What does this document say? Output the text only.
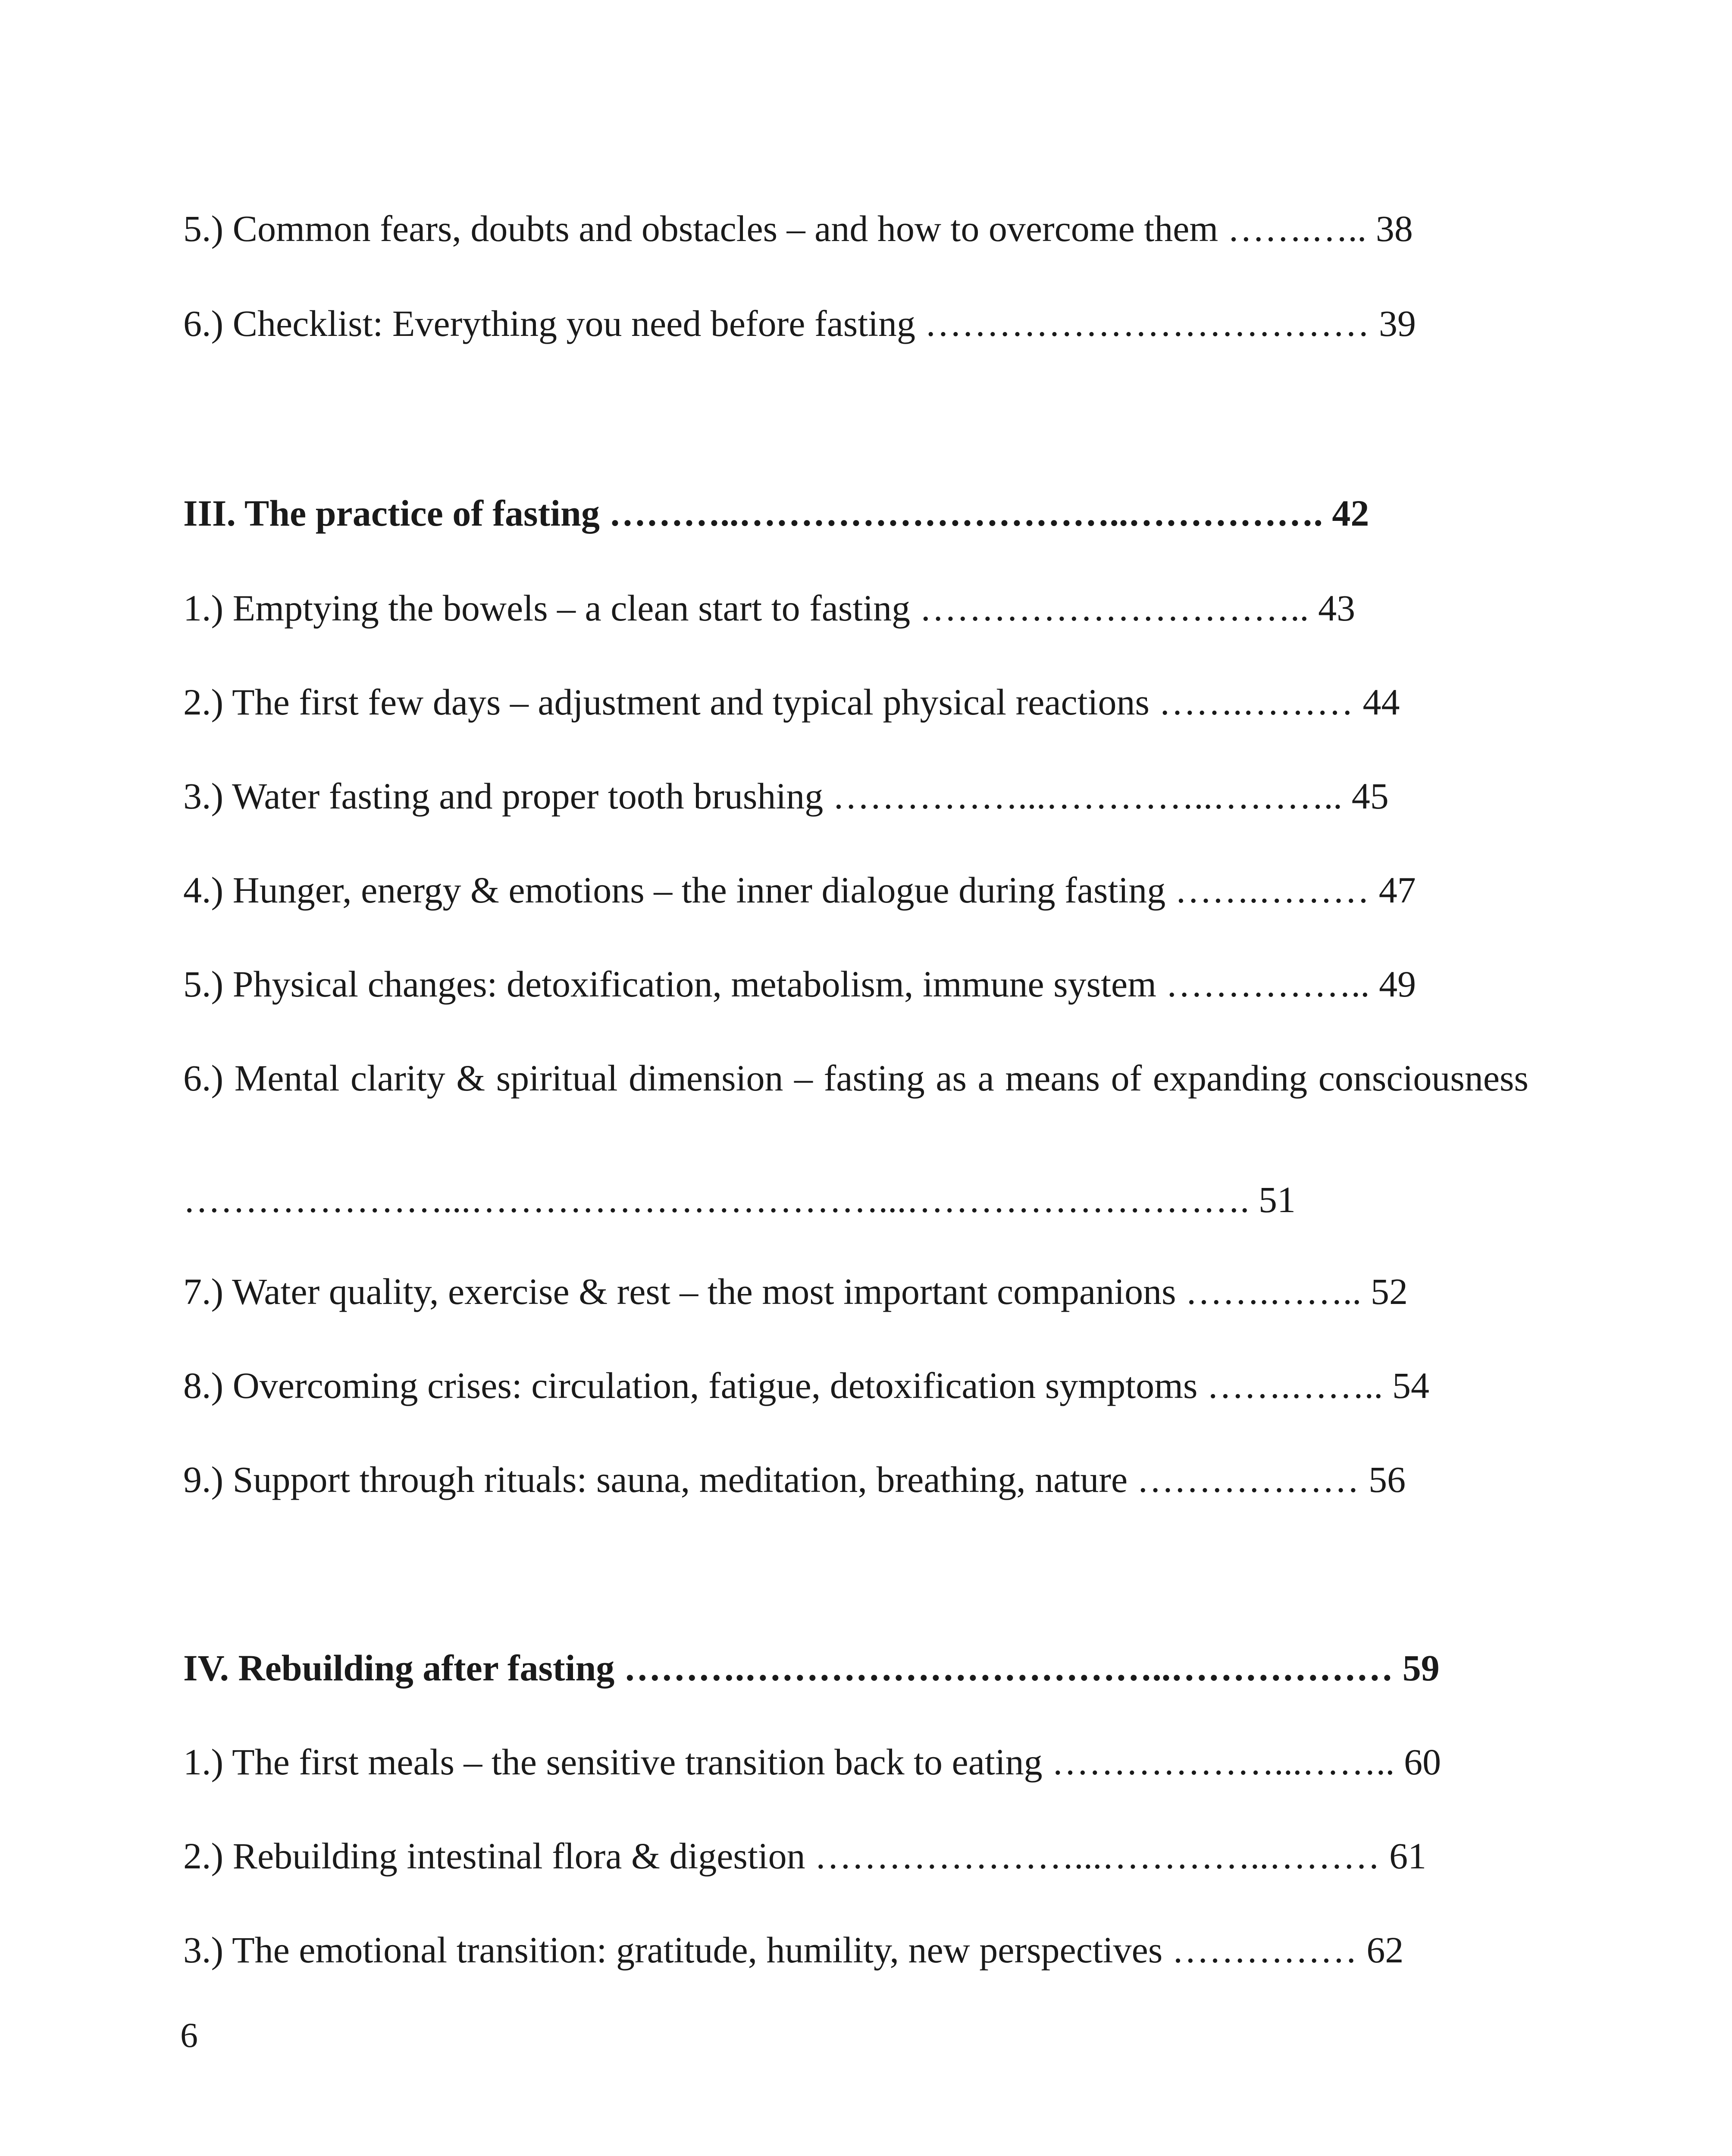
5.) Common fears, doubts and obstacles – and how to overcome them …….….. 38
6.) Checklist: Everything you need before fasting ……………………………… 39
III. The practice of fasting ………..…………………………..……………. 42
1.) Emptying the bowels – a clean start to fasting ………………………….. 43
2.) The first few days – adjustment and typical physical reactions …….……… 44
3.) Water fasting and proper tooth brushing ……………...…………..……….. 45
4.) Hunger, energy & emotions – the inner dialogue during fasting …….……… 47
5.) Physical changes: detoxification, metabolism, immune system …………….. 49
6.) Mental clarity & spiritual dimension – fasting as a means of expanding consciousness
…………………...……………………………...………………………. 51
7.) Water quality, exercise & rest – the most important companions …….…….. 52
8.) Overcoming crises: circulation, fatigue, detoxification symptoms …….…….. 54
9.) Support through rituals: sauna, meditation, breathing, nature ……………… 56
IV. Rebuilding after fasting ……….……………………………..……………… 59
1.) The first meals – the sensitive transition back to eating ………………...…….. 60
2.) Rebuilding intestinal flora & digestion …………………...…………..……… 61
3.) The emotional transition: gratitude, humility, new perspectives …………… 62
6
